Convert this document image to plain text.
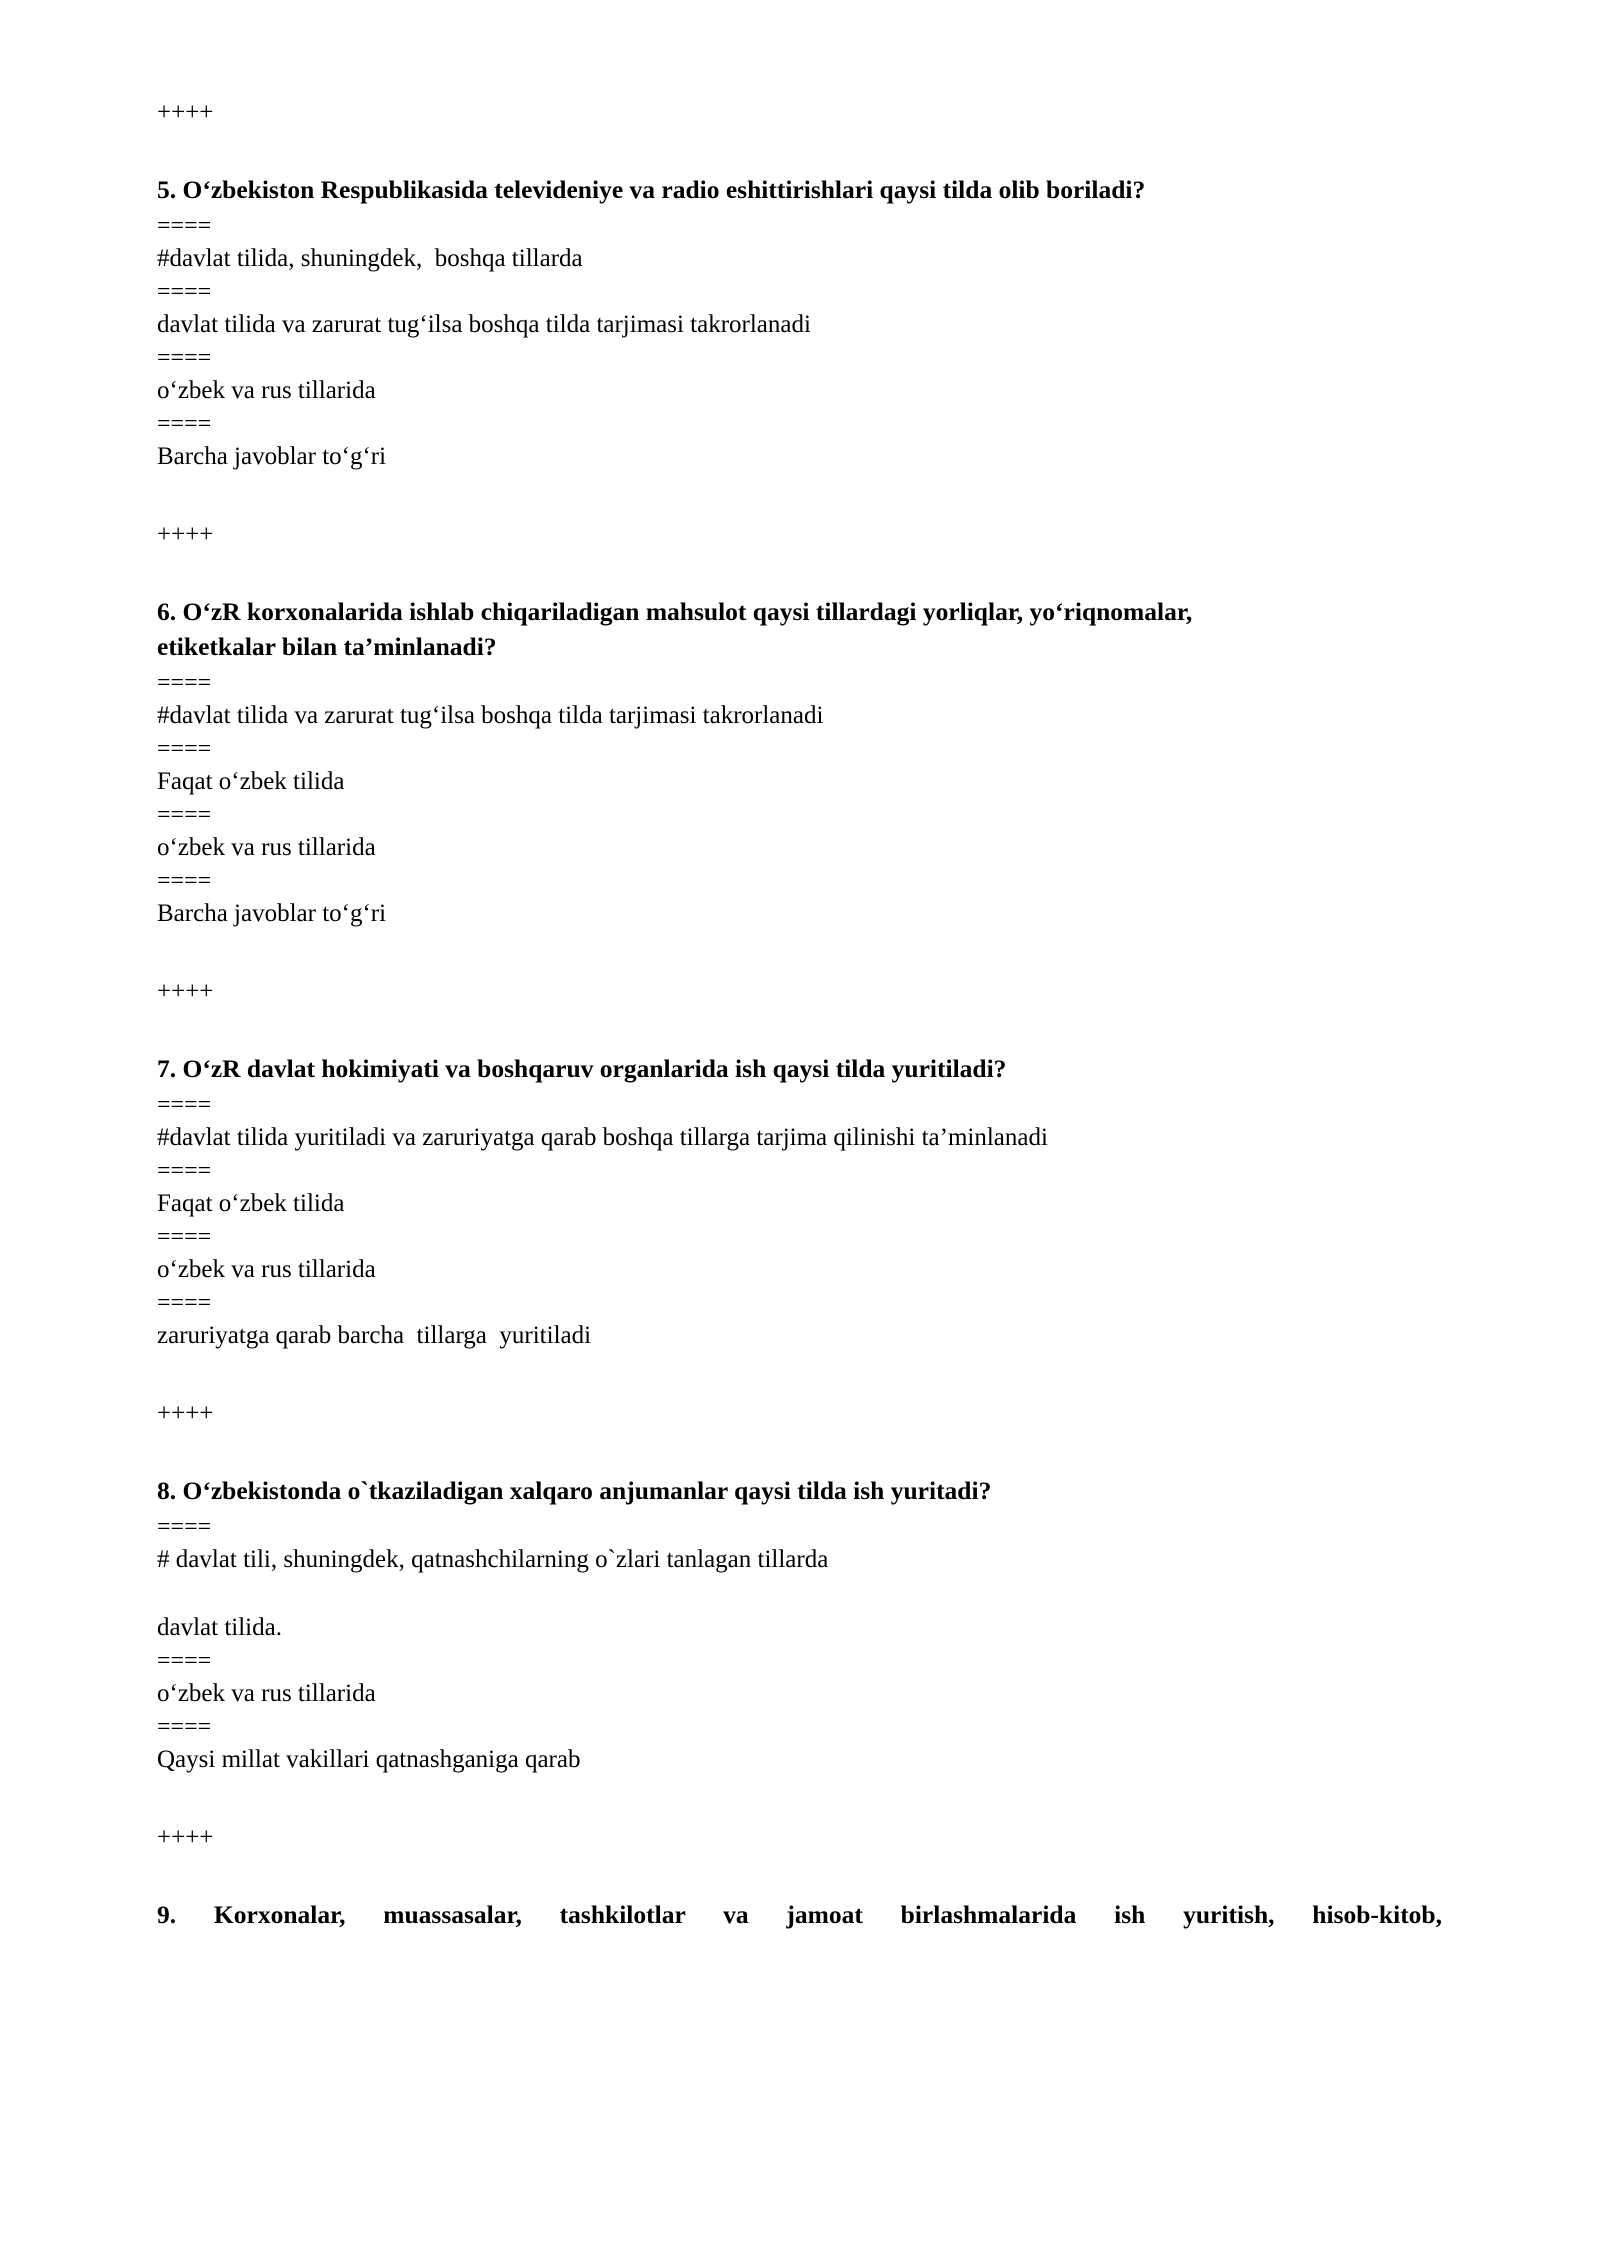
++++
5. O‘zbekiston Respublikasida televideniye va radio eshittirishlari qaysi tilda olib boriladi?
====
#davlat tilida, shuningdek,  boshqa tillarda
====
davlat tilida va zarurat tug‘ilsa boshqa tilda tarjimasi takrorlanadi
====
o‘zbek va rus tillarida
====
Barcha javoblar to‘g‘ri
++++
6. O‘zR korxonalarida ishlab chiqariladigan mahsulot qaysi tillardagi yorliqlar, yo‘riqnomalar,
etiketkalar bilan ta’minlanadi?
====
#davlat tilida va zarurat tug‘ilsa boshqa tilda tarjimasi takrorlanadi
====
Faqat o‘zbek tilida
====
o‘zbek va rus tillarida
====
Barcha javoblar to‘g‘ri
++++
7. O‘zR davlat hokimiyati va boshqaruv organlarida ish qaysi tilda yuritiladi?
====
#davlat tilida yuritiladi va zaruriyatga qarab boshqa tillarga tarjima qilinishi ta’minlanadi
====
Faqat o‘zbek tilida
====
o‘zbek va rus tillarida
====
zaruriyatga qarab barcha  tillarga  yuritiladi
++++
8. O‘zbekistonda o`tkaziladigan xalqaro anjumanlar qaysi tilda ish yuritadi?
====
# davlat tili, shuningdek, qatnashchilarning o`zlari tanlagan tillarda
davlat tilida.
====
o‘zbek va rus tillarida
====
Qaysi millat vakillari qatnashganiga qarab
++++
9. Korxonalar, muassasalar, tashkilotlar va jamoat birlashmalarida ish yuritish, hisob-kitob,
